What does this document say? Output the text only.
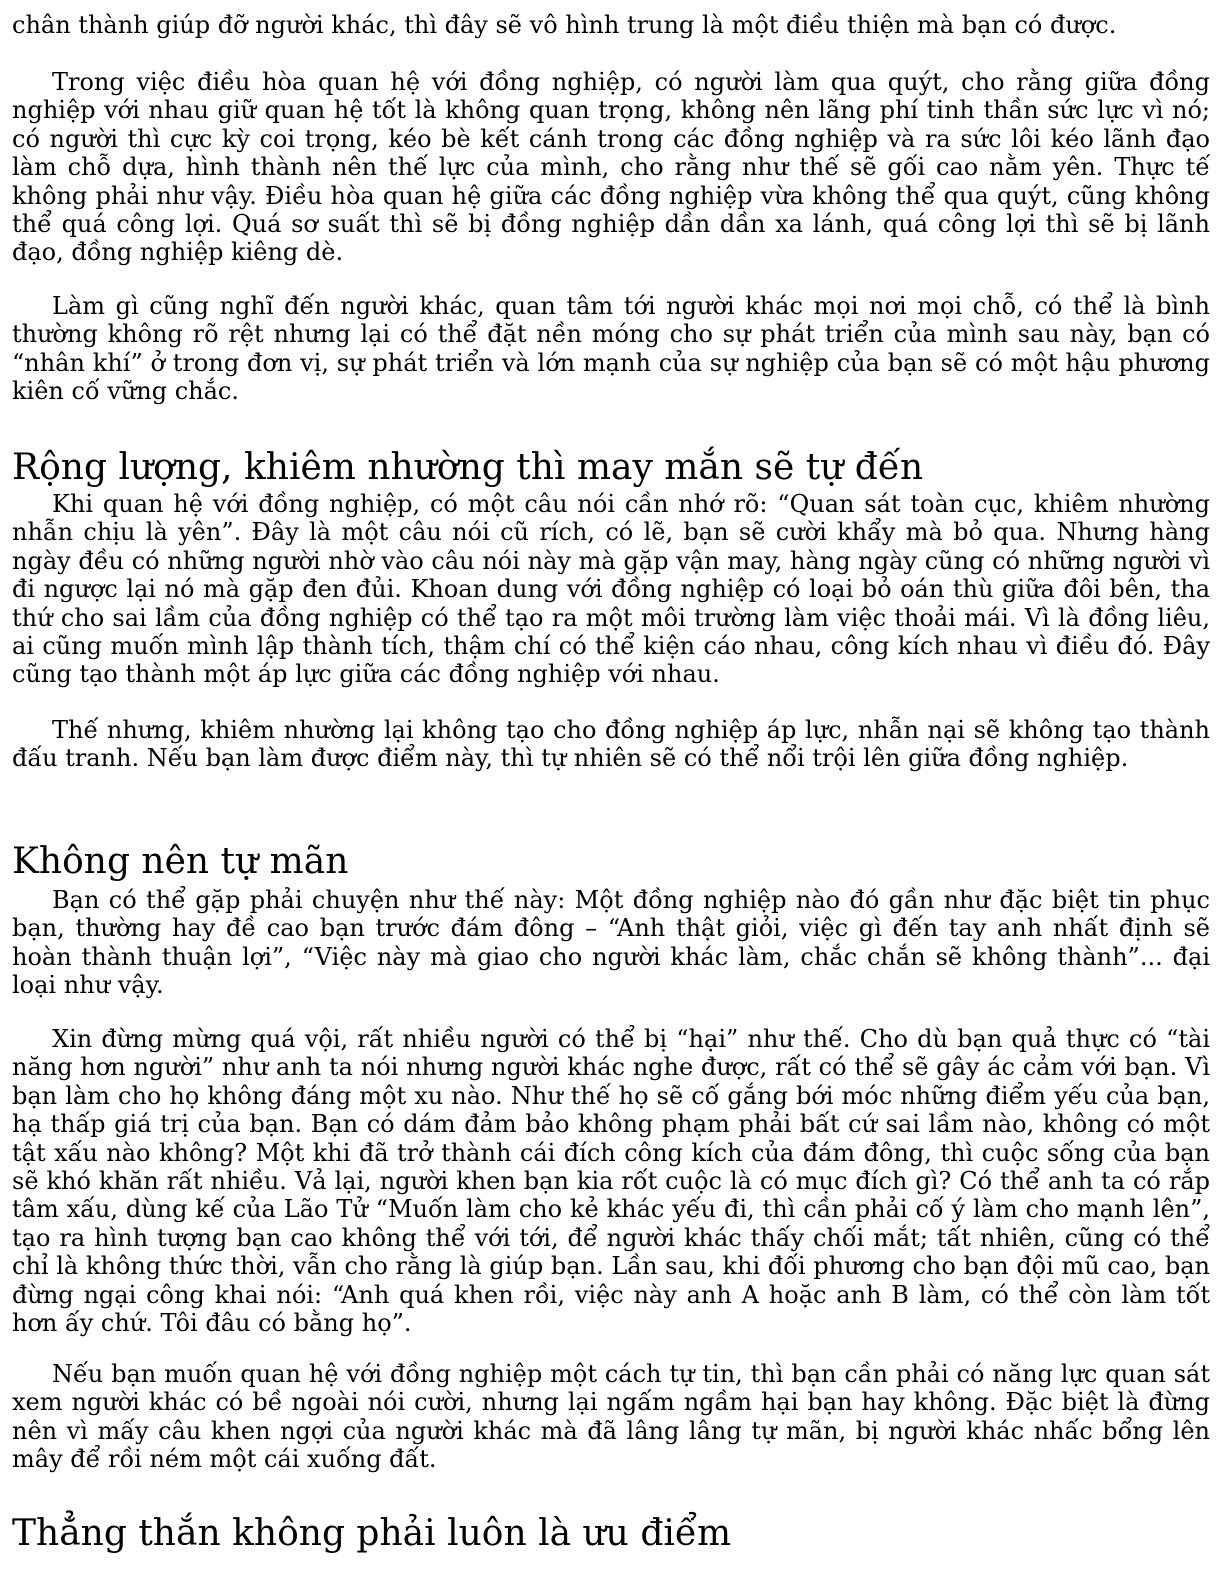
chân thành giúp đỡ người khác, thì đây sẽ vô hình trung là một điều thiện mà bạn có được.

Trong việc điều hòa quan hệ với đồng nghiệp, có người làm qua quýt, cho rằng giữa đồng nghiệp với nhau giữ quan hệ tốt là không quan trọng, không nên lãng phí tinh thần sức lực vì nó; có người thì cực kỳ coi trọng, kéo bè kết cánh trong các đồng nghiệp và ra sức lôi kéo lãnh đạo làm chỗ dựa, hình thành nên thế lực của mình, cho rằng như thế sẽ gối cao nằm yên. Thực tế không phải như vậy. Điều hòa quan hệ giữa các đồng nghiệp vừa không thể qua quýt, cũng không thể quá công lợi. Quá sơ suất thì sẽ bị đồng nghiệp dần dần xa lánh, quá công lợi thì sẽ bị lãnh đạo, đồng nghiệp kiêng dè.

Làm gì cũng nghĩ đến người khác, quan tâm tới người khác mọi nơi mọi chỗ, có thể là bình thường không rõ rệt nhưng lại có thể đặt nền móng cho sự phát triển của mình sau này, bạn có “nhân khí” ở trong đơn vị, sự phát triển và lớn mạnh của sự nghiệp của bạn sẽ có một hậu phương kiên cố vững chắc.

Rộng lượng, khiêm nhường thì may mắn sẽ tự đến

Khi quan hệ với đồng nghiệp, có một câu nói cần nhớ rõ: “Quan sát toàn cục, khiêm nhường nhẫn chịu là yên”. Đây là một câu nói cũ rích, có lẽ, bạn sẽ cười khẩy mà bỏ qua. Nhưng hàng ngày đều có những người nhờ vào câu nói này mà gặp vận may, hàng ngày cũng có những người vì đi ngược lại nó mà gặp đen đủi. Khoan dung với đồng nghiệp có loại bỏ oán thù giữa đôi bên, tha thứ cho sai lầm của đồng nghiệp có thể tạo ra một môi trường làm việc thoải mái. Vì là đồng liêu, ai cũng muốn mình lập thành tích, thậm chí có thể kiện cáo nhau, công kích nhau vì điều đó. Đây cũng tạo thành một áp lực giữa các đồng nghiệp với nhau.

Thế nhưng, khiêm nhường lại không tạo cho đồng nghiệp áp lực, nhẫn nại sẽ không tạo thành đấu tranh. Nếu bạn làm được điểm này, thì tự nhiên sẽ có thể nổi trội lên giữa đồng nghiệp.

Không nên tự mãn

Bạn có thể gặp phải chuyện như thế này: Một đồng nghiệp nào đó gần như đặc biệt tin phục bạn, thường hay đề cao bạn trước đám đông – “Anh thật giỏi, việc gì đến tay anh nhất định sẽ hoàn thành thuận lợi”, “Việc này mà giao cho người khác làm, chắc chắn sẽ không thành”... đại loại như vậy.

Xin đừng mừng quá vội, rất nhiều người có thể bị “hại” như thế. Cho dù bạn quả thực có “tài năng hơn người” như anh ta nói nhưng người khác nghe được, rất có thể sẽ gây ác cảm với bạn. Vì bạn làm cho họ không đáng một xu nào. Như thế họ sẽ cố gắng bới móc những điểm yếu của bạn, hạ thấp giá trị của bạn. Bạn có dám đảm bảo không phạm phải bất cứ sai lầm nào, không có một tật xấu nào không? Một khi đã trở thành cái đích công kích của đám đông, thì cuộc sống của bạn sẽ khó khăn rất nhiều. Vả lại, người khen bạn kia rốt cuộc là có mục đích gì? Có thể anh ta có rắp tâm xấu, dùng kế của Lão Tử “Muốn làm cho kẻ khác yếu đi, thì cần phải cố ý làm cho mạnh lên”, tạo ra hình tượng bạn cao không thể với tới, để người khác thấy chối mắt; tất nhiên, cũng có thể chỉ là không thức thời, vẫn cho rằng là giúp bạn. Lần sau, khi đối phương cho bạn đội mũ cao, bạn đừng ngại công khai nói: “Anh quá khen rồi, việc này anh A hoặc anh B làm, có thể còn làm tốt hơn ấy chứ. Tôi đâu có bằng họ”.

Nếu bạn muốn quan hệ với đồng nghiệp một cách tự tin, thì bạn cần phải có năng lực quan sát xem người khác có bề ngoài nói cười, nhưng lại ngấm ngầm hại bạn hay không. Đặc biệt là đừng nên vì mấy câu khen ngợi của người khác mà đã lâng lâng tự mãn, bị người khác nhấc bổng lên mây để rồi ném một cái xuống đất.

Thẳng thắn không phải luôn là ưu điểm
